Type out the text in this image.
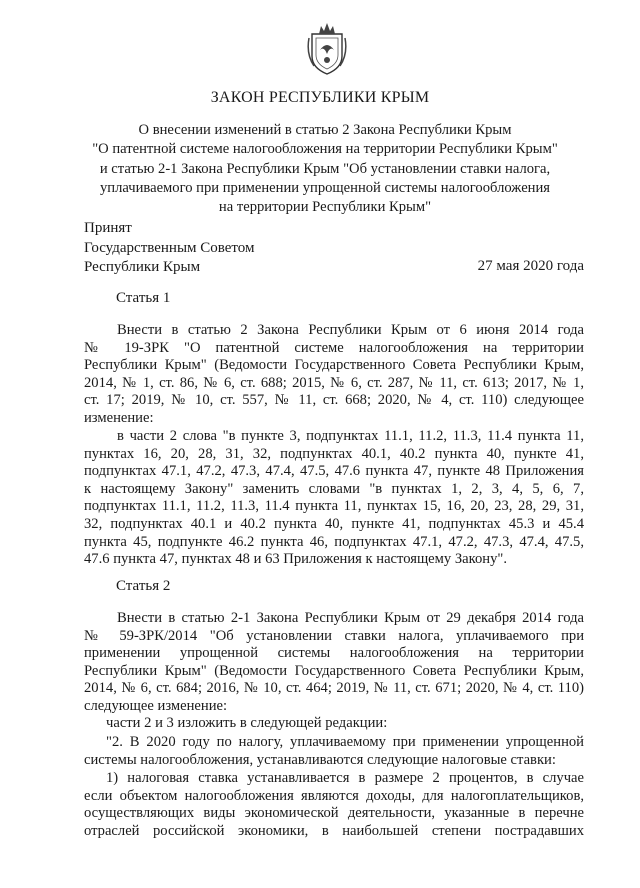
ЗАКОН РЕСПУБЛИКИ КРЫМ
О внесении изменений в статью 2 Закона Республики Крым
"О патентной системе налогообложения на территории Республики Крым"
и статью 2-1 Закона Республики Крым "Об установлении ставки налога,
уплачиваемого при применении упрощенной системы налогообложения
на территории Республики Крым"
Принят
Государственным Советом
Республики Крым	27 мая 2020 года
Статья 1
Внести в статью 2 Закона Республики Крым от 6 июня 2014 года
№ 19-ЗРК "О патентной системе налогообложения на территории
Республики Крым" (Ведомости Государственного Совета Республики Крым,
2014, № 1, ст. 86, № 6, ст. 688; 2015, № 6, ст. 287, № 11, ст. 613; 2017, № 1,
ст. 17; 2019, № 10, ст. 557, № 11, ст. 668; 2020, № 4, ст. 110) следующее
изменение:
в части 2 слова "в пункте 3, подпунктах 11.1, 11.2, 11.3, 11.4 пункта 11,
пунктах 16, 20, 28, 31, 32, подпунктах 40.1, 40.2 пункта 40, пункте 41,
подпунктах 47.1, 47.2, 47.3, 47.4, 47.5, 47.6 пункта 47, пункте 48 Приложения
к настоящему Закону" заменить словами "в пунктах 1, 2, 3, 4, 5, 6, 7,
подпунктах 11.1, 11.2, 11.3, 11.4 пункта 11, пунктах 15, 16, 20, 23, 28, 29, 31,
32, подпунктах 40.1 и 40.2 пункта 40, пункте 41, подпунктах 45.3 и 45.4
пункта 45, подпункте 46.2 пункта 46, подпунктах 47.1, 47.2, 47.3, 47.4, 47.5,
47.6 пункта 47, пунктах 48 и 63 Приложения к настоящему Закону".
Статья 2
Внести в статью 2-1 Закона Республики Крым от 29 декабря 2014 года
№ 59-ЗРК/2014 "Об установлении ставки налога, уплачиваемого при
применении упрощенной системы налогообложения на территории
Республики Крым" (Ведомости Государственного Совета Республики Крым,
2014, № 6, ст. 684; 2016, № 10, ст. 464; 2019, № 11, ст. 671; 2020, № 4, ст. 110)
следующее изменение:
части 2 и 3 изложить в следующей редакции:
"2. В 2020 году по налогу, уплачиваемому при применении упрощенной
системы налогообложения, устанавливаются следующие налоговые ставки:
1) налоговая ставка устанавливается в размере 2 процентов, в случае
если объектом налогообложения являются доходы, для налогоплательщиков,
осуществляющих виды экономической деятельности, указанные в перечне
отраслей российской экономики, в наибольшей степени пострадавших
